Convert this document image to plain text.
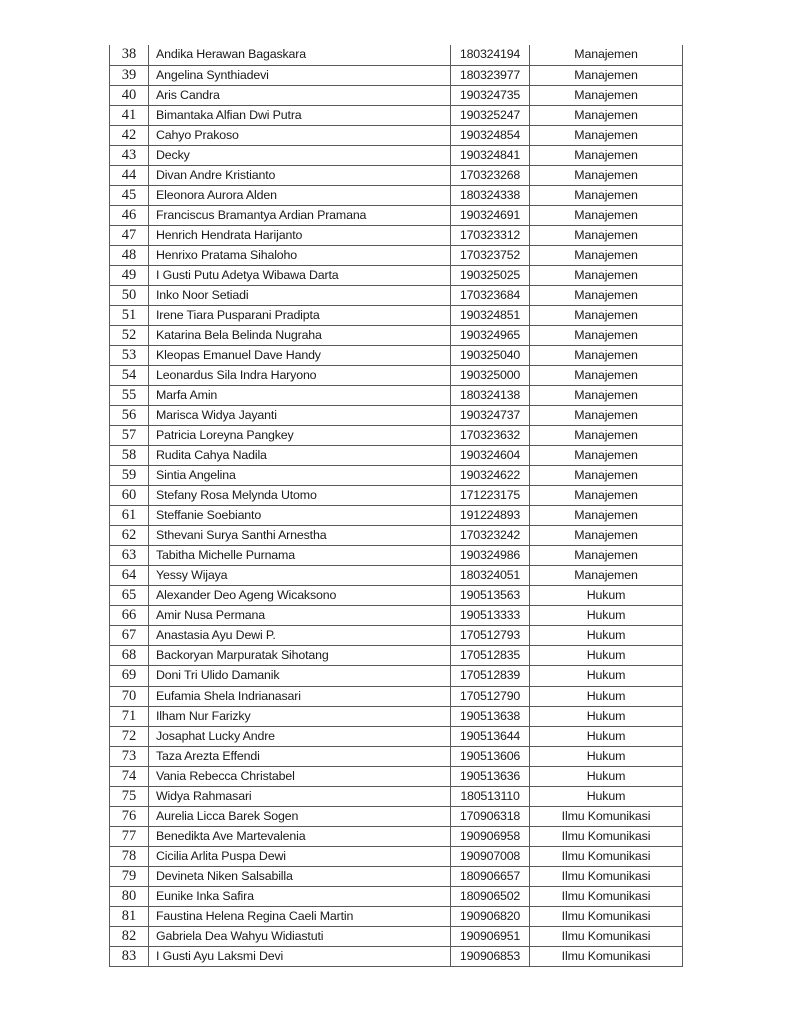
38	Andika Herawan Bagaskara	180324194	Manajemen
39	Angelina Synthiadevi	180323977	Manajemen
40	Aris Candra	190324735	Manajemen
41	Bimantaka Alfian Dwi Putra	190325247	Manajemen
42	Cahyo Prakoso	190324854	Manajemen
43	Decky	190324841	Manajemen
44	Divan Andre Kristianto	170323268	Manajemen
45	Eleonora Aurora Alden	180324338	Manajemen
46	Franciscus Bramantya Ardian Pramana	190324691	Manajemen
47	Henrich Hendrata Harijanto	170323312	Manajemen
48	Henrixo Pratama Sihaloho	170323752	Manajemen
49	I Gusti Putu Adetya Wibawa Darta	190325025	Manajemen
50	Inko Noor Setiadi	170323684	Manajemen
51	Irene Tiara Pusparani Pradipta	190324851	Manajemen
52	Katarina Bela Belinda Nugraha	190324965	Manajemen
53	Kleopas Emanuel Dave Handy	190325040	Manajemen
54	Leonardus Sila Indra Haryono	190325000	Manajemen
55	Marfa Amin	180324138	Manajemen
56	Marisca Widya Jayanti	190324737	Manajemen
57	Patricia Loreyna Pangkey	170323632	Manajemen
58	Rudita Cahya Nadila	190324604	Manajemen
59	Sintia Angelina	190324622	Manajemen
60	Stefany Rosa Melynda Utomo	171223175	Manajemen
61	Steffanie Soebianto	191224893	Manajemen
62	Sthevani Surya Santhi Arnestha	170323242	Manajemen
63	Tabitha Michelle Purnama	190324986	Manajemen
64	Yessy Wijaya	180324051	Manajemen
65	Alexander Deo Ageng Wicaksono	190513563	Hukum
66	Amir Nusa Permana	190513333	Hukum
67	Anastasia Ayu Dewi P.	170512793	Hukum
68	Backoryan Marpuratak Sihotang	170512835	Hukum
69	Doni Tri Ulido Damanik	170512839	Hukum
70	Eufamia Shela Indrianasari	170512790	Hukum
71	Ilham Nur Farizky	190513638	Hukum
72	Josaphat Lucky Andre	190513644	Hukum
73	Taza Arezta Effendi	190513606	Hukum
74	Vania Rebecca Christabel	190513636	Hukum
75	Widya Rahmasari	180513110	Hukum
76	Aurelia Licca Barek Sogen	170906318	Ilmu Komunikasi
77	Benedikta Ave Martevalenia	190906958	Ilmu Komunikasi
78	Cicilia Arlita Puspa Dewi	190907008	Ilmu Komunikasi
79	Devineta Niken Salsabilla	180906657	Ilmu Komunikasi
80	Eunike Inka Safira	180906502	Ilmu Komunikasi
81	Faustina Helena Regina Caeli Martin	190906820	Ilmu Komunikasi
82	Gabriela Dea Wahyu Widiastuti	190906951	Ilmu Komunikasi
83	I Gusti Ayu Laksmi Devi	190906853	Ilmu Komunikasi
